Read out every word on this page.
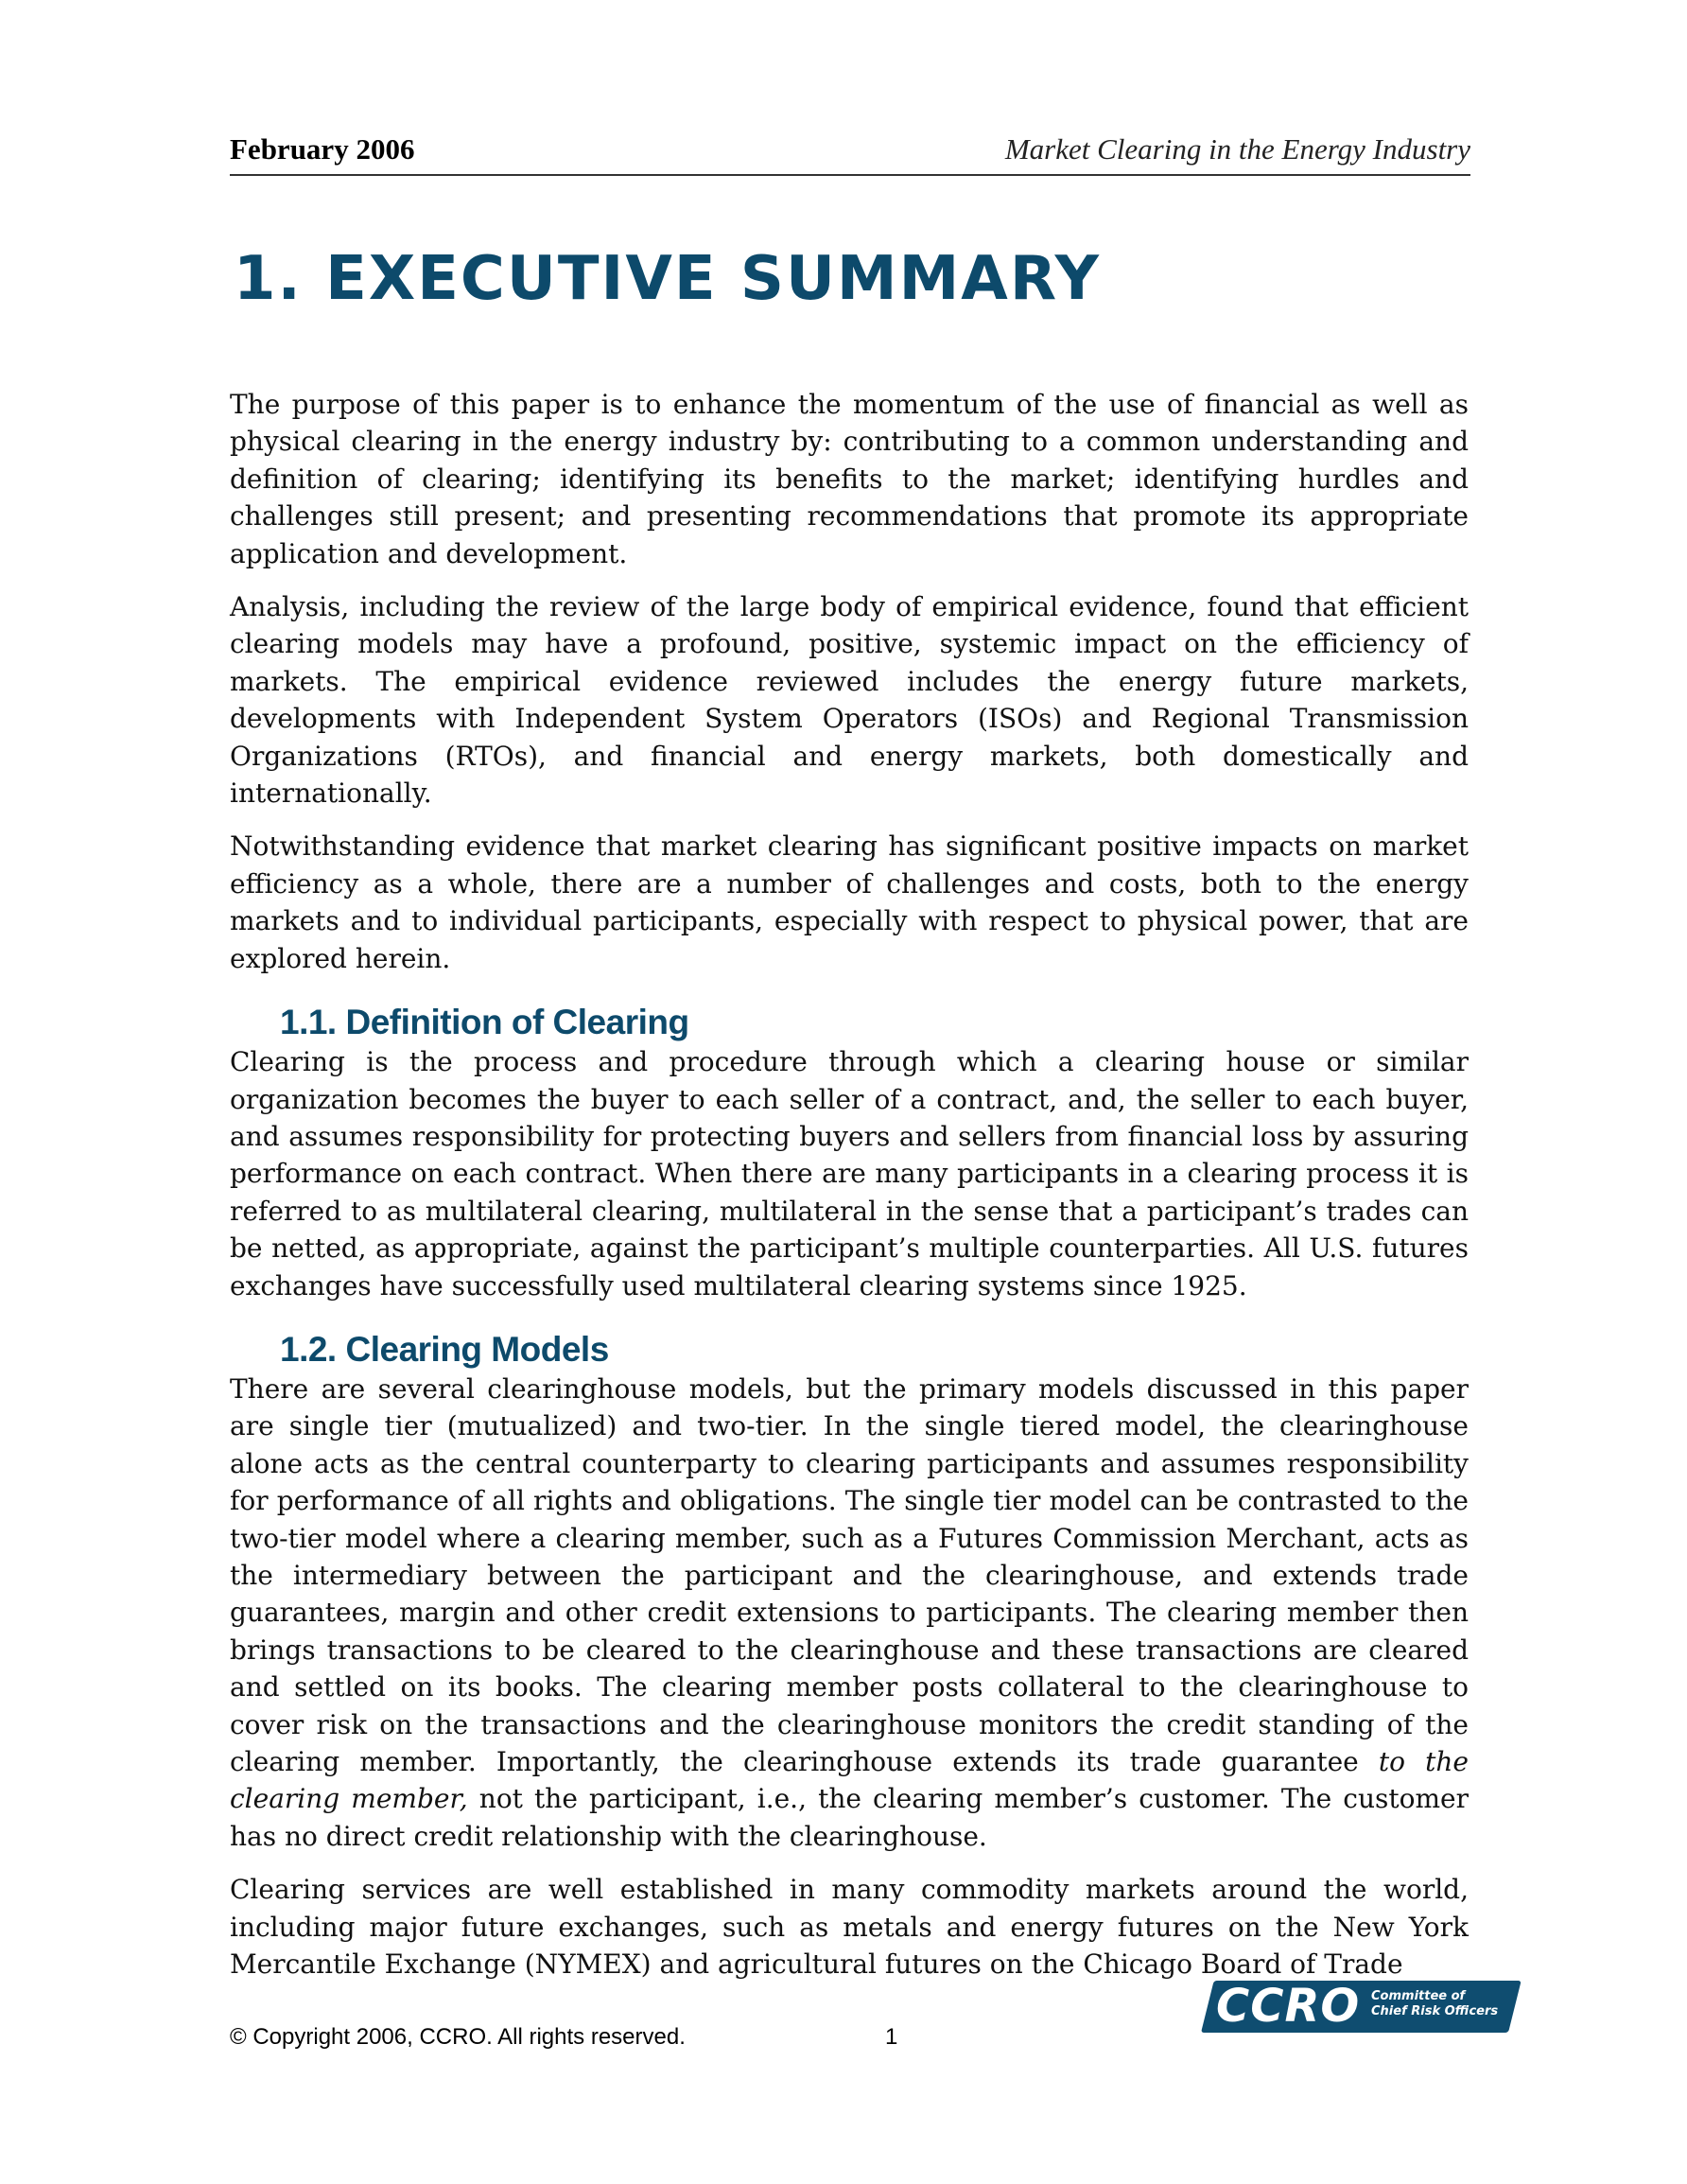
February 2006	Market Clearing in the Energy Industry
1. EXECUTIVE SUMMARY

The purpose of this paper is to enhance the momentum of the use of financial as well as physical clearing in the energy industry by: contributing to a common understanding and definition of clearing; identifying its benefits to the market; identifying hurdles and challenges still present; and presenting recommendations that promote its appropriate application and development.

Analysis, including the review of the large body of empirical evidence, found that efficient clearing models may have a profound, positive, systemic impact on the efficiency of markets. The empirical evidence reviewed includes the energy future markets, developments with Independent System Operators (ISOs) and Regional Transmission Organizations (RTOs), and financial and energy markets, both domestically and internationally.

Notwithstanding evidence that market clearing has significant positive impacts on market efficiency as a whole, there are a number of challenges and costs, both to the energy markets and to individual participants, especially with respect to physical power, that are explored herein.

1.1. Definition of Clearing

Clearing is the process and procedure through which a clearing house or similar organization becomes the buyer to each seller of a contract, and, the seller to each buyer, and assumes responsibility for protecting buyers and sellers from financial loss by assuring performance on each contract. When there are many participants in a clearing process it is referred to as multilateral clearing, multilateral in the sense that a participant’s trades can be netted, as appropriate, against the participant’s multiple counterparties. All U.S. futures exchanges have successfully used multilateral clearing systems since 1925.

1.2. Clearing Models

There are several clearinghouse models, but the primary models discussed in this paper are single tier (mutualized) and two-tier. In the single tiered model, the clearinghouse alone acts as the central counterparty to clearing participants and assumes responsibility for performance of all rights and obligations. The single tier model can be contrasted to the two-tier model where a clearing member, such as a Futures Commission Merchant, acts as the intermediary between the participant and the clearinghouse, and extends trade guarantees, margin and other credit extensions to participants. The clearing member then brings transactions to be cleared to the clearinghouse and these transactions are cleared and settled on its books. The clearing member posts collateral to the clearinghouse to cover risk on the transactions and the clearinghouse monitors the credit standing of the clearing member. Importantly, the clearinghouse extends its trade guarantee to the clearing member, not the participant, i.e., the clearing member’s customer. The customer has no direct credit relationship with the clearinghouse.

Clearing services are well established in many commodity markets around the world, including major future exchanges, such as metals and energy futures on the New York Mercantile Exchange (NYMEX) and agricultural futures on the Chicago Board of Trade

CCRO Committee of
Chief Risk Officers
© Copyright 2006, CCRO. All rights reserved.	1
